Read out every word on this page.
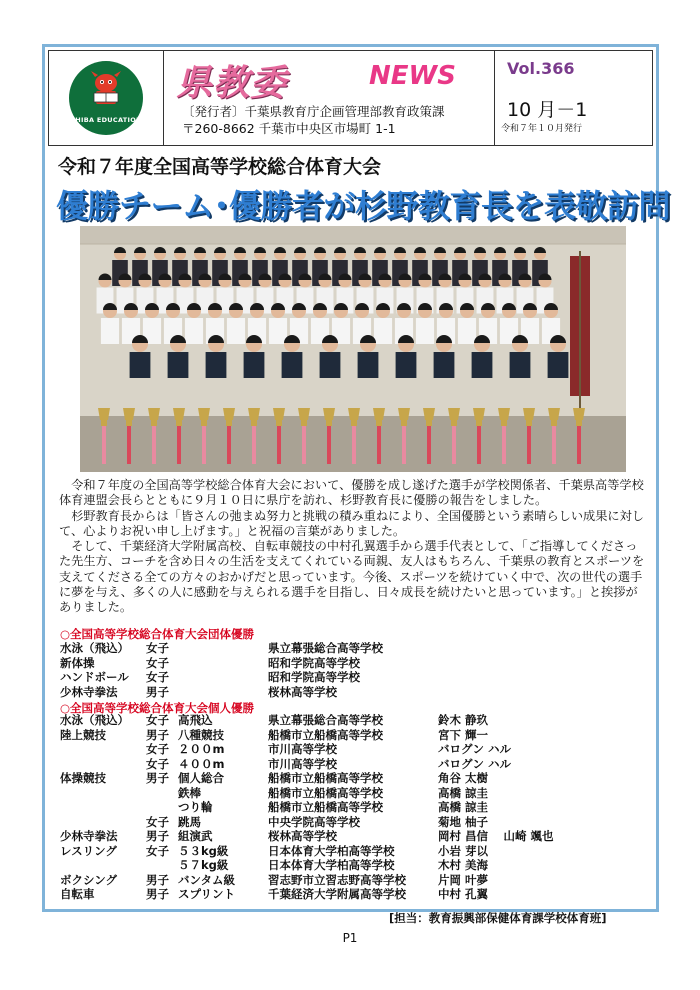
CHIBA EDUCATION
県教委	NEWS
〔発行者〕千葉県教育庁企画管理部教育政策課
〒260-8662 千葉市中央区市場町 1-1
Vol.366
10 月－1
令和７年１０月発行
令和７年度全国高等学校総合体育大会
優勝チーム･優勝者が杉野教育長を表敬訪問

令和７年度の全国高等学校総合体育大会において、優勝を成し遂げた選手が学校関係者、千葉県高等学校体育連盟会長らとともに９月１０日に県庁を訪れ、杉野教育長に優勝の報告をしました。

杉野教育長からは「皆さんの弛まぬ努力と挑戦の積み重ねにより、全国優勝という素晴らしい成果に対して、心よりお祝い申し上げます。」と祝福の言葉がありました。

そして、千葉経済大学附属高校、自転車競技の中村孔翼選手から選手代表として、「ご指導してくださった先生方、コーチを含め日々の生活を支えてくれている両親、友人はもちろん、千葉県の教育とスポーツを支えてくださる全ての方々のおかげだと思っています。今後、スポーツを続けていく中で、次の世代の選手に夢を与え、多くの人に感動を与えられる選手を目指し、日々成長を続けたいと思っています。」と挨拶がありました。

○全国高等学校総合体育大会団体優勝
水泳（飛込） 女子	県立幕張総合高等学校
新体操	女子	昭和学院高等学校
ハンドボール 女子	昭和学院高等学校
少林寺拳法 男子	桜林高等学校
○全国高等学校総合体育大会個人優勝
水泳（飛込） 女子 高飛込	県立幕張総合高等学校	鈴木 静玖
陸上競技	男子 八種競技	船橋市立船橋高等学校	宮下 輝一
女子 ２００m	市川高等学校	バログン ハル
女子 ４００m	市川高等学校	バログン ハル
体操競技	男子 個人総合	船橋市立船橋高等学校	角谷 太樹
鉄棒	船橋市立船橋高等学校	高橋 諒圭
つり輪	船橋市立船橋高等学校	高橋 諒圭
女子 跳馬	中央学院高等学校	菊地 柚子
少林寺拳法 男子 組演武	桜林高等学校	岡村 昌信　 山崎 颯也
レスリング	女子 ５３kg級	日本体育大学柏高等学校	小岩 芽以
５７kg級	日本体育大学柏高等学校	木村 美海
ボクシング	男子 バンタム級	習志野市立習志野高等学校	片岡 叶夢
自転車	男子 スプリント	千葉経済大学附属高等学校	中村 孔翼
[担当：教育振興部保健体育課学校体育班]
P1
